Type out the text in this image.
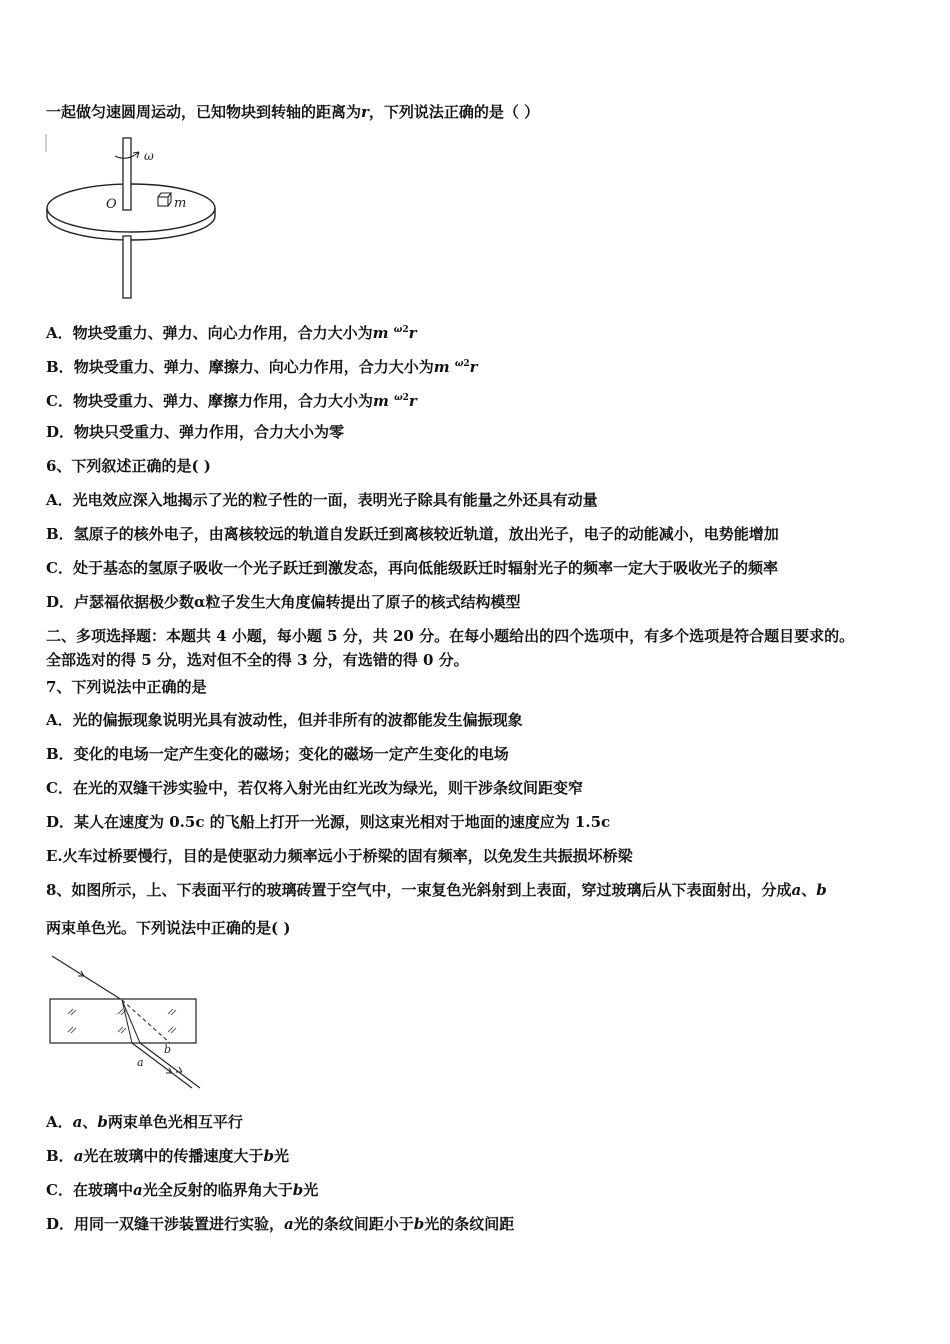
一起做匀速圆周运动，已知物块到转轴的距离为r，下列说法正确的是（ ）
ω
O	m
A．物块受重力、弹力、向心力作用，合力大小为m $^{\omega 2}$r
B．物块受重力、弹力、摩擦力、向心力作用，合力大小为m $^{\omega 2}$r
C．物块受重力、弹力、摩擦力作用，合力大小为m $^{\omega 2}$r
D．物块只受重力、弹力作用，合力大小为零
6、下列叙述正确的是( )
A．光电效应深入地揭示了光的粒子性的一面，表明光子除具有能量之外还具有动量
B．氢原子的核外电子，由离核较远的轨道自发跃迁到离核较近轨道，放出光子，电子的动能减小，电势能增加
C．处于基态的氢原子吸收一个光子跃迁到激发态，再向低能级跃迁时辐射光子的频率一定大于吸收光子的频率
D．卢瑟福依据极少数α粒子发生大角度偏转提出了原子的核式结构模型
二、多项选择题：本题共 4 小题，每小题 5 分，共 20 分。在每小题给出的四个选项中，有多个选项是符合题目要求的。
全部选对的得 5 分，选对但不全的得 3 分，有选错的得 0 分。
7、下列说法中正确的是
A．光的偏振现象说明光具有波动性，但并非所有的波都能发生偏振现象
B．变化的电场一定产生变化的磁场；变化的磁场一定产生变化的电场
C．在光的双缝干涉实验中，若仅将入射光由红光改为绿光，则干涉条纹间距变窄
D．某人在速度为 0.5c 的飞船上打开一光源，则这束光相对于地面的速度应为 1.5c
E.火车过桥要慢行，目的是使驱动力频率远小于桥梁的固有频率，以免发生共振损坏桥梁
8、如图所示，上、下表面平行的玻璃砖置于空气中，一束复色光斜射到上表面，穿过玻璃后从下表面射出，分成a、b
两束单色光。下列说法中正确的是( )
a
b
A．a、b两束单色光相互平行
B．a光在玻璃中的传播速度大于b光
C．在玻璃中a光全反射的临界角大于b光
D．用同一双缝干涉装置进行实验，a光的条纹间距小于b光的条纹间距
